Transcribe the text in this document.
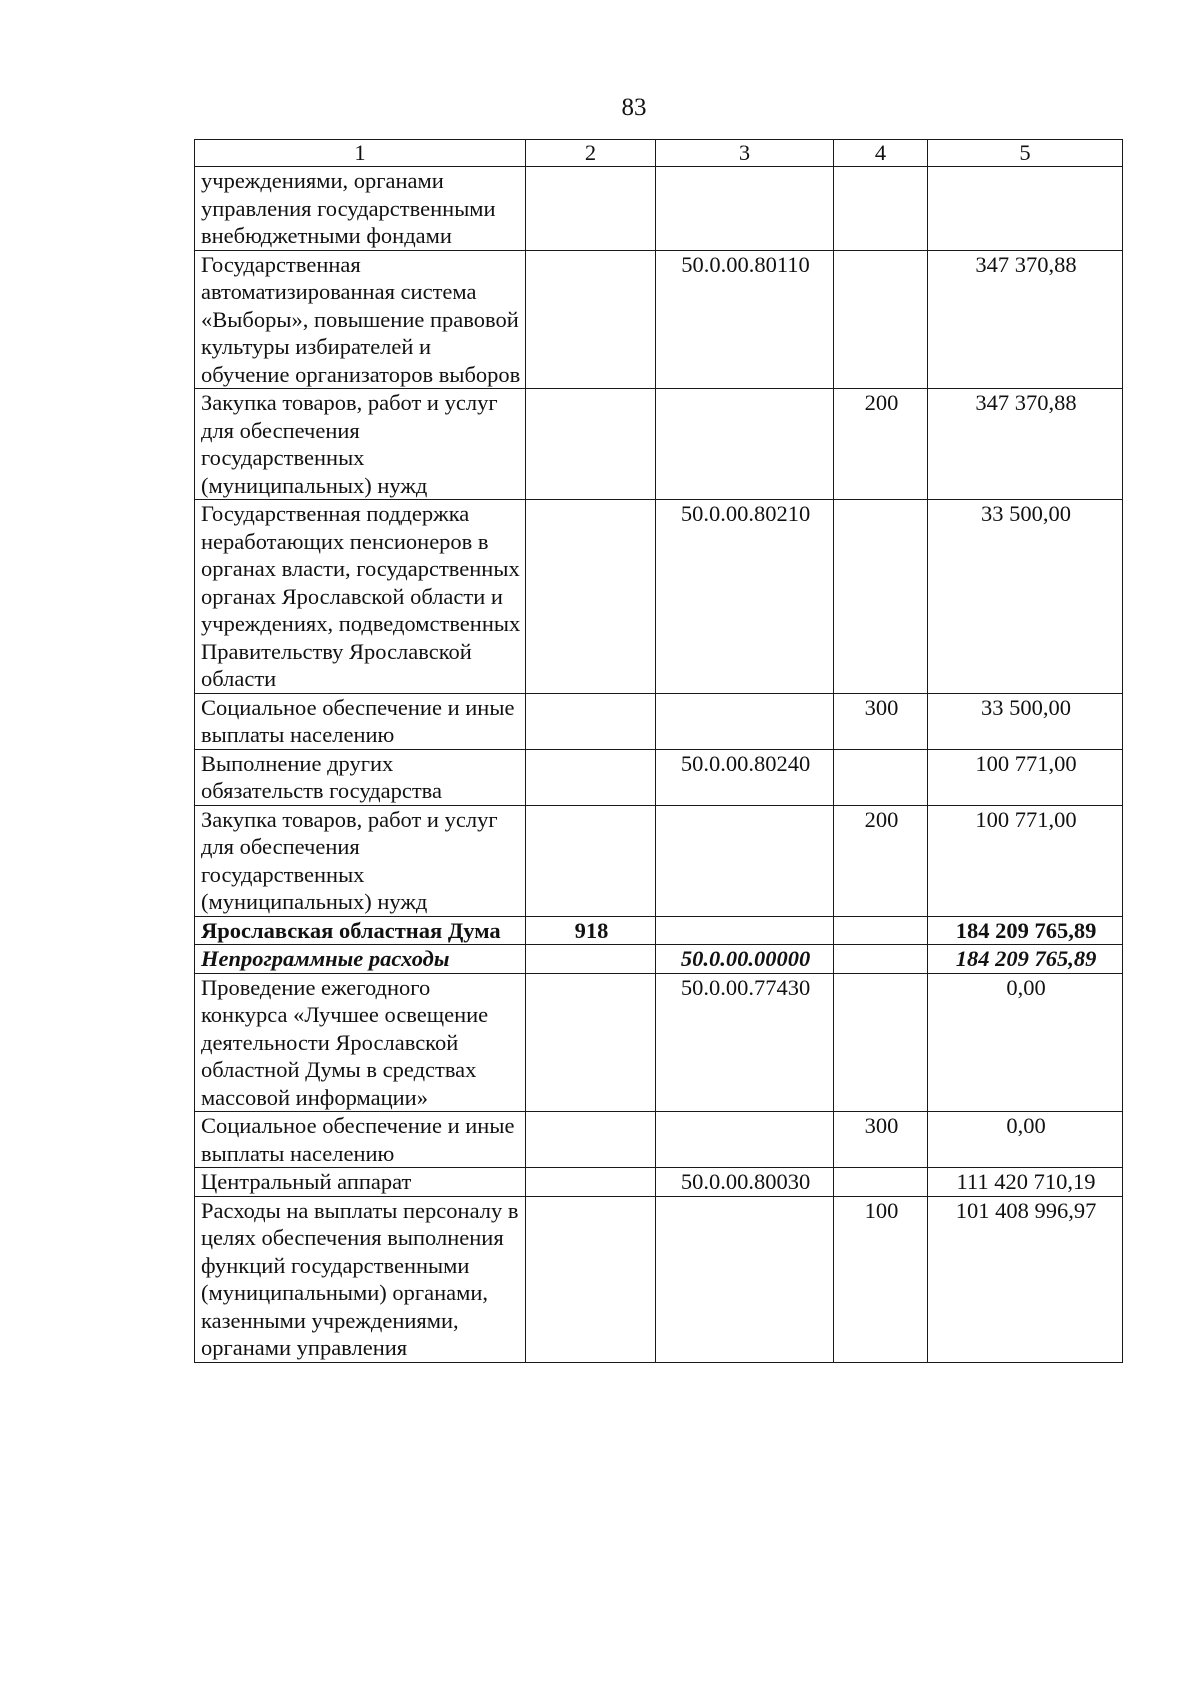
83
1	2	3	4	5
учреждениями, органами управления государственными внебюджетными фондами				
Государственная автоматизированная система «Выборы», повышение правовой культуры избирателей и обучение организаторов выборов		50.0.00.80110		347 370,88
Закупка товаров, работ и услуг для обеспечения государственных (муниципальных) нужд			200	347 370,88
Государственная поддержка неработающих пенсионеров в органах власти, государственных органах Ярославской области и учреждениях, подведомственных Правительству Ярославской области		50.0.00.80210		33 500,00
Социальное обеспечение и иные выплаты населению			300	33 500,00
Выполнение других обязательств государства		50.0.00.80240		100 771,00
Закупка товаров, работ и услуг для обеспечения государственных (муниципальных) нужд			200	100 771,00
Ярославская областная Дума	918			184 209 765,89
Непрограммные расходы		50.0.00.00000		184 209 765,89
Проведение ежегодного конкурса «Лучшее освещение деятельности Ярославской областной Думы в средствах массовой информации»		50.0.00.77430		0,00
Социальное обеспечение и иные выплаты населению			300	0,00
Центральный аппарат		50.0.00.80030		111 420 710,19
Расходы на выплаты персоналу в целях обеспечения выполнения функций государственными (муниципальными) органами, казенными учреждениями, органами управления			100	101 408 996,97
